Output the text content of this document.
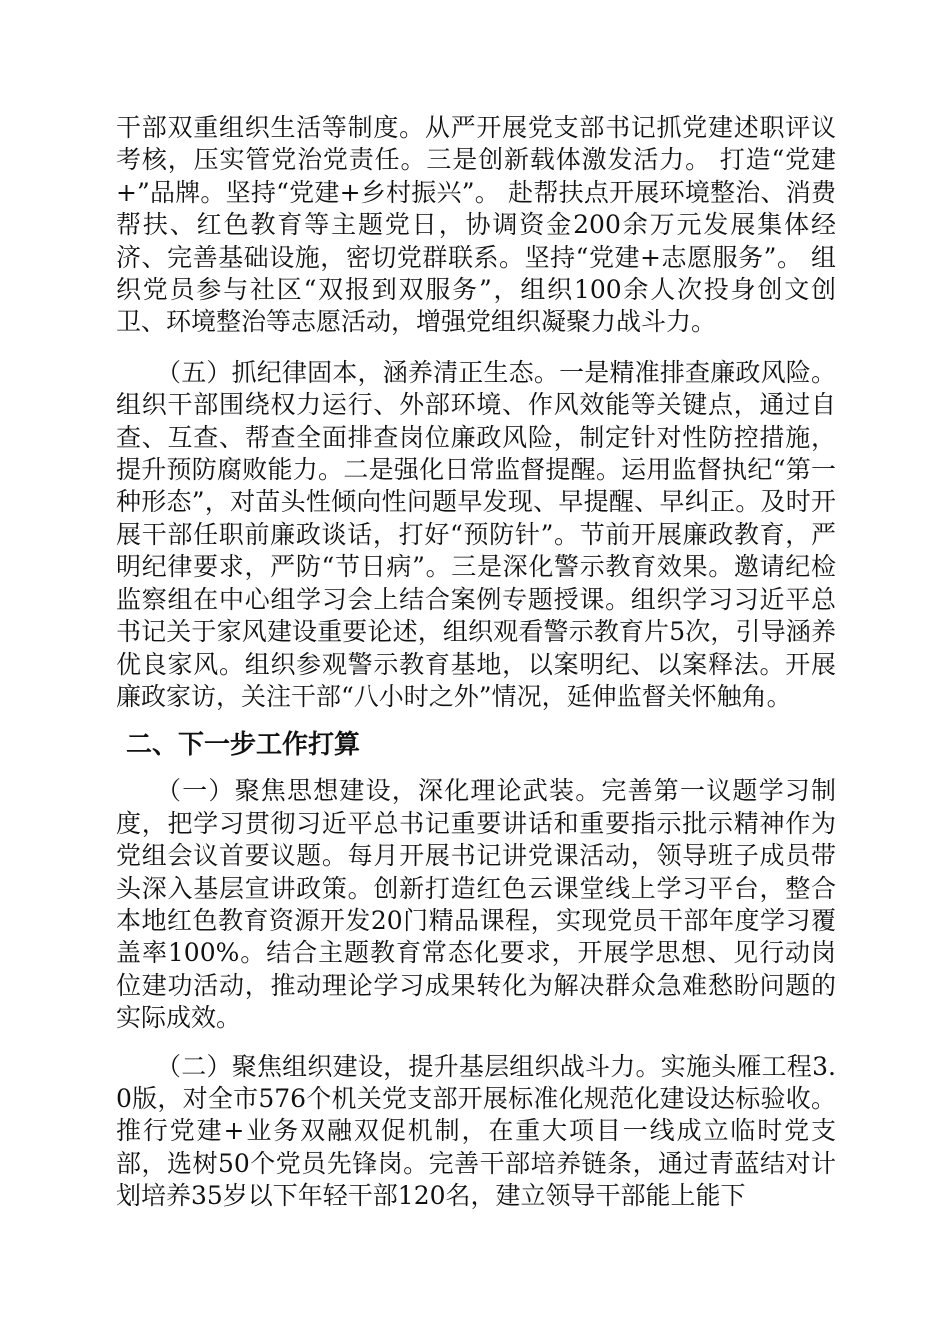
干部双重组织生活等制度。从严开展党支部书记抓党建述职评议考核，压实管党治党责任。三是创新载体激发活力。 打造“党建+”品牌。坚持“党建+乡村振兴”。 赴帮扶点开展环境整治、消费帮扶、红色教育等主题党日，协调资金200余万元发展集体经济、完善基础设施，密切党群联系。坚持“党建+志愿服务”。 组织党员参与社区“双报到双服务”，组织100余人次投身创文创卫、环境整治等志愿活动，增强党组织凝聚力战斗力。

（五）抓纪律固本，涵养清正生态。一是精准排查廉政风险。 组织干部围绕权力运行、外部环境、作风效能等关键点，通过自查、互查、帮查全面排查岗位廉政风险，制定针对性防控措施，提升预防腐败能力。二是强化日常监督提醒。运用监督执纪“第一种形态”，对苗头性倾向性问题早发现、早提醒、早纠正。及时开展干部任职前廉政谈话，打好“预防针”。节前开展廉政教育，严明纪律要求，严防“节日病”。三是深化警示教育效果。邀请纪检监察组在中心组学习会上结合案例专题授课。组织学习习近平总书记关于家风建设重要论述，组织观看警示教育片5次，引导涵养优良家风。组织参观警示教育基地，以案明纪、以案释法。开展廉政家访，关注干部“八小时之外”情况，延伸监督关怀触角。

二、下一步工作打算

（一）聚焦思想建设，深化理论武装。完善第一议题学习制度，把学习贯彻习近平总书记重要讲话和重要指示批示精神作为党组会议首要议题。每月开展书记讲党课活动，领导班子成员带头深入基层宣讲政策。创新打造红色云课堂线上学习平台，整合本地红色教育资源开发20门精品课程，实现党员干部年度学习覆盖率100%。结合主题教育常态化要求，开展学思想、见行动岗位建功活动，推动理论学习成果转化为解决群众急难愁盼问题的实际成效。

（二）聚焦组织建设，提升基层组织战斗力。实施头雁工程3.0版，对全市576个机关党支部开展标准化规范化建设达标验收。推行党建+业务双融双促机制，在重大项目一线成立临时党支部，选树50个党员先锋岗。完善干部培养链条，通过青蓝结对计划培养35岁以下年轻干部120名，建立领导干部能上能下
